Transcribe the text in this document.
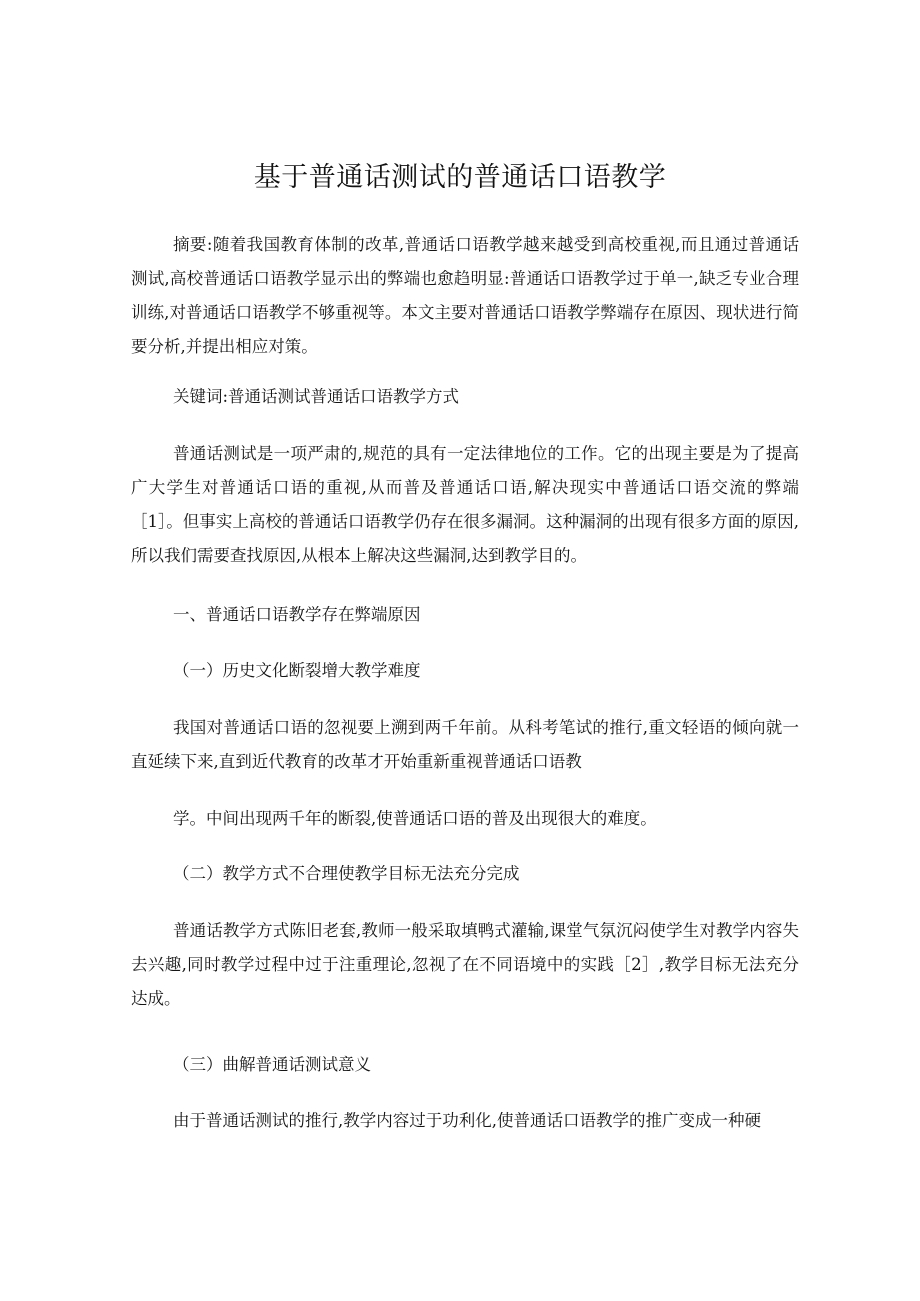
基于普通话测试的普通话口语教学

摘要:随着我国教育体制的改革,普通话口语教学越来越受到高校重视,而且通过普通话测试,高校普通话口语教学显示出的弊端也愈趋明显:普通话口语教学过于单一,缺乏专业合理训练,对普通话口语教学不够重视等。本文主要对普通话口语教学弊端存在原因、现状进行简要分析,并提出相应对策。

关键词:普通话测试普通话口语教学方式

普通话测试是一项严肃的,规范的具有一定法律地位的工作。它的出现主要是为了提高广大学生对普通话口语的重视,从而普及普通话口语,解决现实中普通话口语交流的弊端［1］。但事实上高校的普通话口语教学仍存在很多漏洞。这种漏洞的出现有很多方面的原因,所以我们需要查找原因,从根本上解决这些漏洞,达到教学目的。

一、普通话口语教学存在弊端原因

（一）历史文化断裂增大教学难度

我国对普通话口语的忽视要上溯到两千年前。从科考笔试的推行,重文轻语的倾向就一直延续下来,直到近代教育的改革才开始重新重视普通话口语教

学。中间出现两千年的断裂,使普通话口语的普及出现很大的难度。

（二）教学方式不合理使教学目标无法充分完成

普通话教学方式陈旧老套,教师一般采取填鸭式灌输,课堂气氛沉闷使学生对教学内容失去兴趣,同时教学过程中过于注重理论,忽视了在不同语境中的实践［2］,教学目标无法充分达成。

（三）曲解普通话测试意义

由于普通话测试的推行,教学内容过于功利化,使普通话口语教学的推广变成一种硬
